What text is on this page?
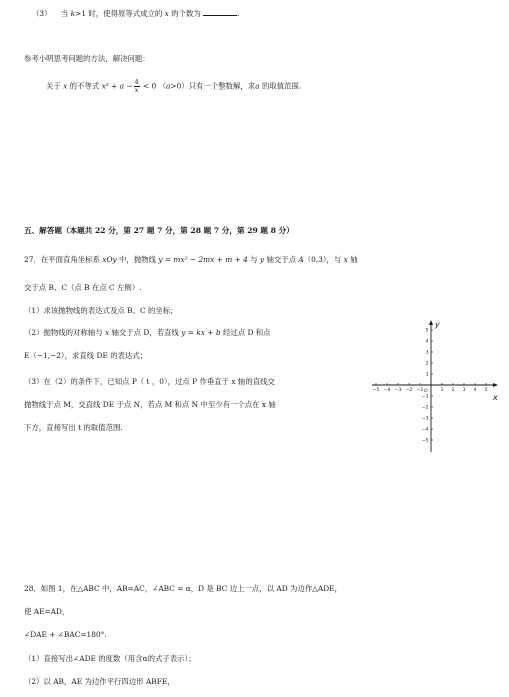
（3） 当 k>1 时，使得原等式成立的 x 的个数为	.
参考小明思考问题的方法，解决问题：
关于 x 的不等式 $x^2 + a - \frac{4}{x} < 0$ （a>0）只有一个整数解，求a 的取值范围.
五、解答题（本题共 22 分，第 27 题 7 分，第 28 题 7 分，第 29 题 8 分）
27．在平面直角坐标系 xOy 中，抛物线 y = mx² − 2mx + m + 4 与 y 轴交于点 A（0,3），与 x 轴
交于点 B、C（点 B 在点 C 左侧）.
（1）求该抛物线的表达式及点 B、C 的坐标；
（2）抛物线的对称轴与 x 轴交于点 D，若直线 y = kx + b 经过点 D 和点
E（−1,−2），求直线 DE 的表达式；
（3）在（2）的条件下，已知点 P（ t ，0），过点 P 作垂直于 x 轴的直线交
抛物线于点 M，交直线 DE 于点 N，若点 M 和点 N 中至少有一个点在 x 轴
下方，直接写出 t 的取值范围.
−5 −4 −3 −2 −1	1 2 3 4 5
5
4
3
2
1
−1
−2
−3
−4
−5
x
y
O
28．如图 1，在△ABC 中，AB=AC，∠ABC = α，D 是 BC 边上一点，以 AD 为边作△ADE，
使 AE=AD，
∠DAE + ∠BAC=180°.
（1）直接写出∠ADE 的度数（用含α的式子表示）；
（2）以 AB，AE 为边作平行四边形 ABFE，
